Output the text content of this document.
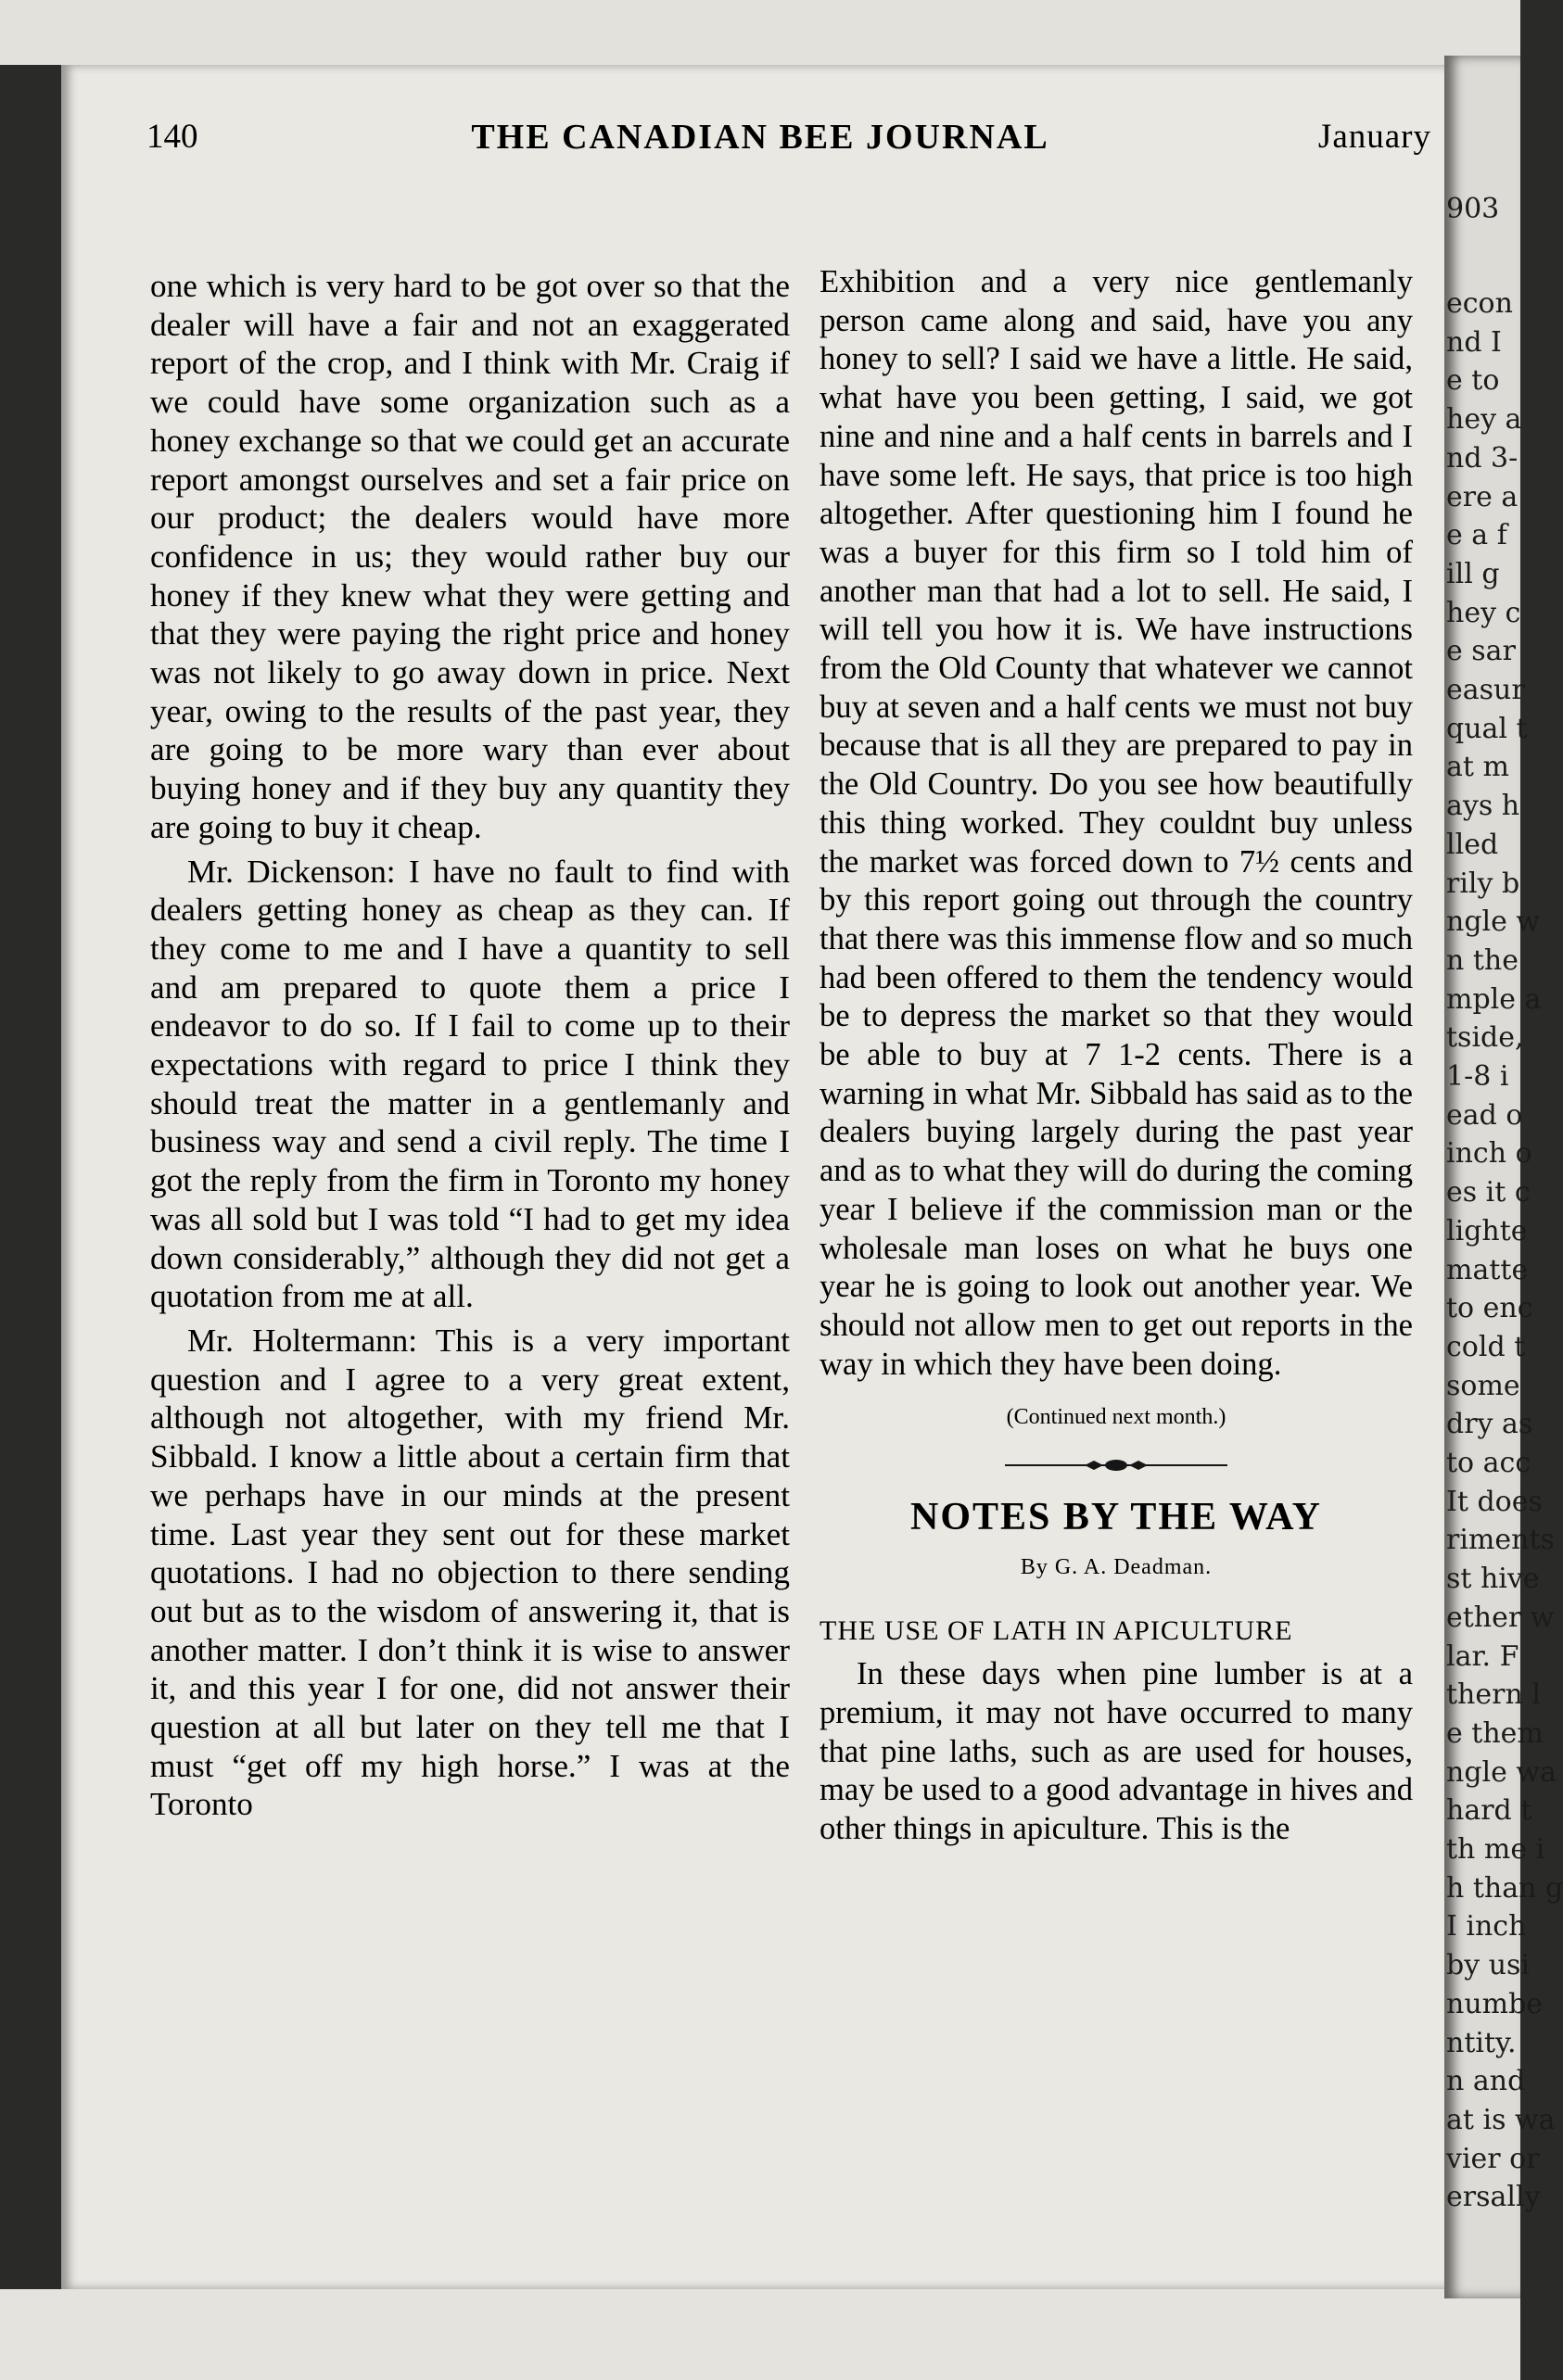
903
econ
nd I
e to
hey a
nd 3-
ere a
e a f
ill g
hey c
e sar
easur
qual t
at m
ays h
lled
rily b
ngle w
n the
mple a
tside,
1-8 i
ead o
inch o
es it c
lighte
matte
to enc
cold t
some
dry as
to acc
It does
riments
st hive
ether w
lar. F
thern l
e them
ngle wa
hard t
th me i
h than g
I inch
by usi
numbe
ntity.
n and
at is wa
vier or
ersally
140	THE CANADIAN BEE JOURNAL	January

one which is very hard to be got over so that the dealer will have a fair and not an exaggerated report of the crop, and I think with Mr. Craig if we could have some organization such as a honey exchange so that we could get an accurate report amongst ourselves and set a fair price on our product; the dealers would have more confidence in us; they would rather buy our honey if they knew what they were getting and that they were paying the right price and honey was not likely to go away down in price. Next year, owing to the results of the past year, they are going to be more wary than ever about buying honey and if they buy any quantity they are going to buy it cheap.

Mr. Dickenson: I have no fault to find with dealers getting honey as cheap as they can. If they come to me and I have a quantity to sell and am prepared to quote them a price I endeavor to do so. If I fail to come up to their expectations with regard to price I think they should treat the matter in a gentlemanly and business way and send a civil reply. The time I got the reply from the firm in Toronto my honey was all sold but I was told “I had to get my idea down considerably,” although they did not get a quotation from me at all.

Mr. Holtermann: This is a very important question and I agree to a very great extent, although not altogether, with my friend Mr. Sibbald. I know a little about a certain firm that we perhaps have in our minds at the present time. Last year they sent out for these market quotations. I had no objection to there sending out but as to the wisdom of answering it, that is another matter. I don’t think it is wise to answer it, and this year I for one, did not answer their question at all but later on they tell me that I must “get off my high horse.” I was at the Toronto

Exhibition and a very nice gentlemanly person came along and said, have you any honey to sell? I said we have a little. He said, what have you been getting, I said, we got nine and nine and a half cents in barrels and I have some left. He says, that price is too high altogether. After questioning him I found he was a buyer for this firm so I told him of another man that had a lot to sell. He said, I will tell you how it is. We have instructions from the Old County that whatever we cannot buy at seven and a half cents we must not buy because that is all they are prepared to pay in the Old Country. Do you see how beautifully this thing worked. They couldnt buy unless the market was forced down to 7½ cents and by this report going out through the country that there was this immense flow and so much had been offered to them the tendency would be to depress the market so that they would be able to buy at 7 1-2 cents. There is a warning in what Mr. Sibbald has said as to the dealers buying largely during the past year and as to what they will do during the coming year I believe if the commission man or the wholesale man loses on what he buys one year he is going to look out another year. We should not allow men to get out reports in the way in which they have been doing.

(Continued next month.)
NOTES BY THE WAY
By G. A. Deadman.
THE USE OF LATH IN APICULTURE

In these days when pine lumber is at a premium, it may not have occurred to many that pine laths, such as are used for houses, may be used to a good advantage in hives and other things in apiculture. This is the
